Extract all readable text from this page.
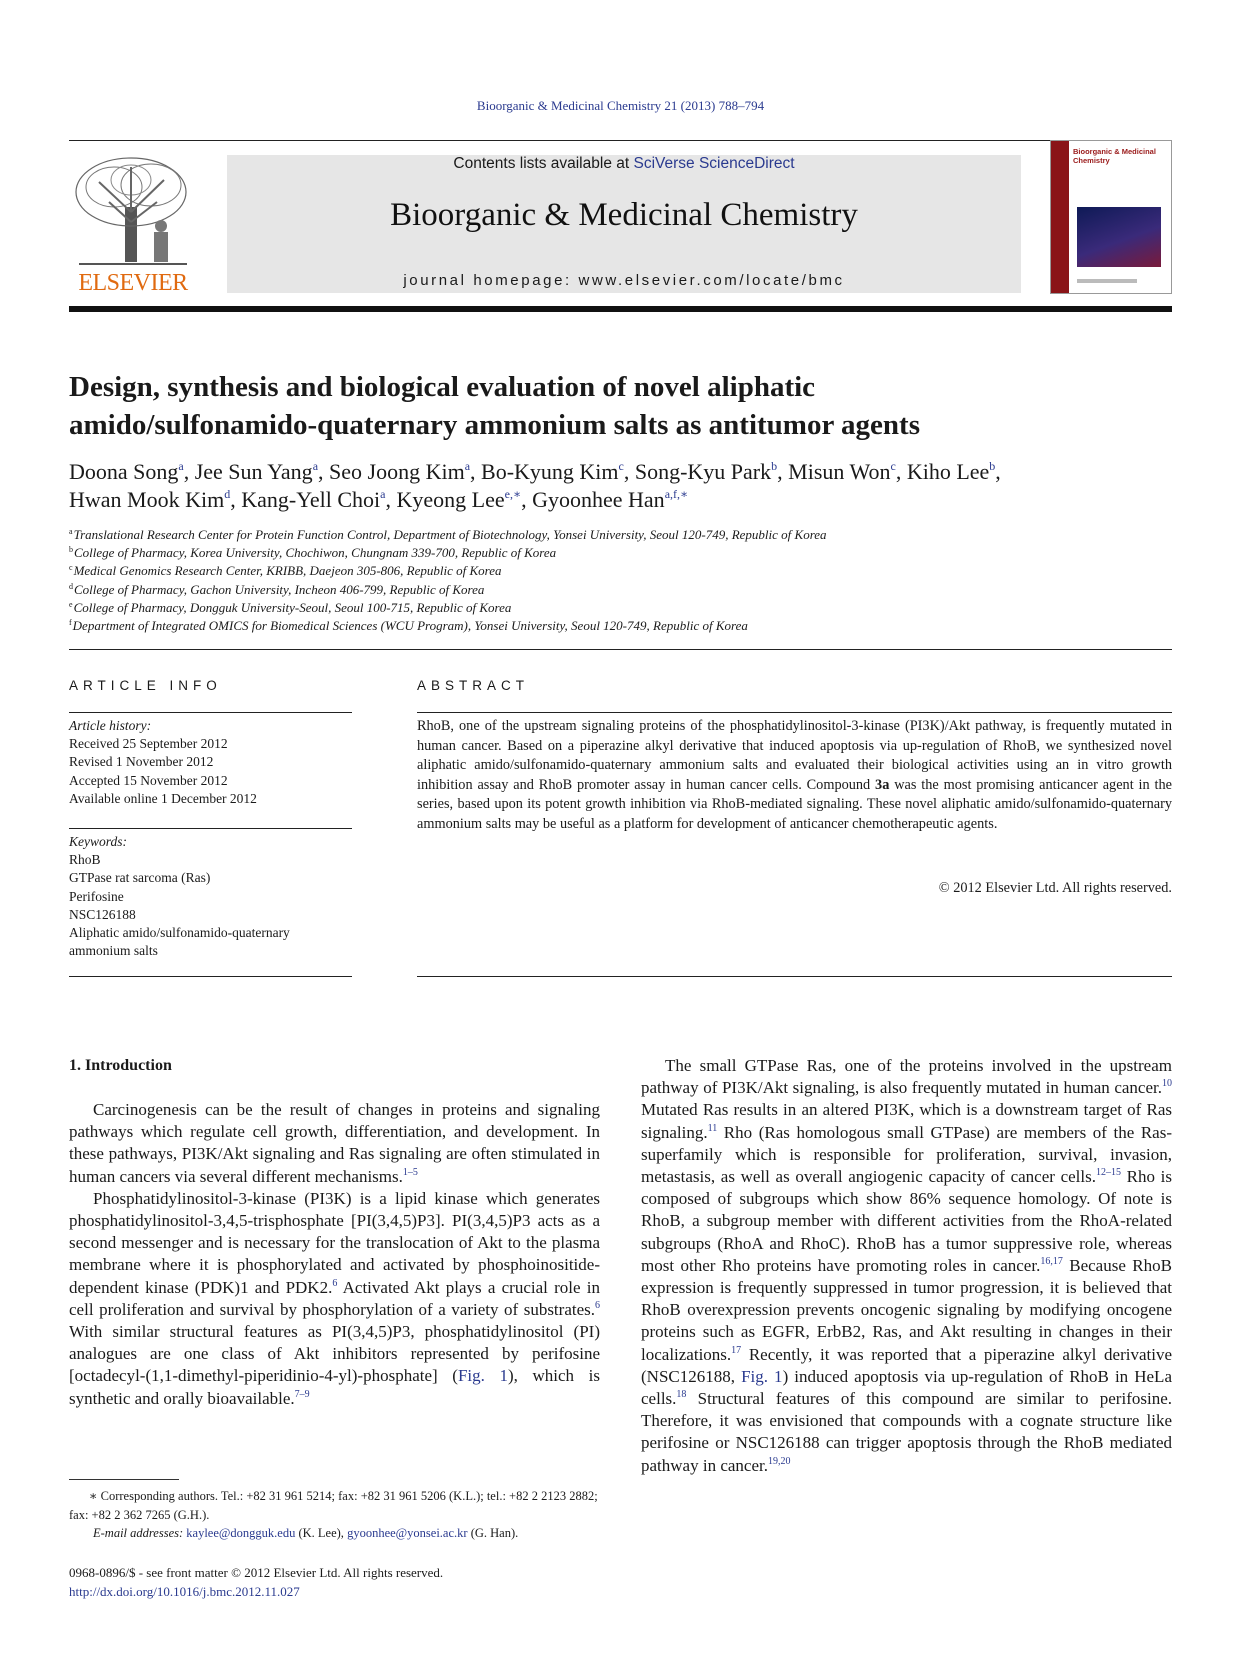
Bioorganic & Medicinal Chemistry 21 (2013) 788–794
ELSEVIER
Contents lists available at SciVerse ScienceDirect
Bioorganic & Medicinal Chemistry
journal homepage: www.elsevier.com/locate/bmc
Bioorganic & Medicinal Chemistry
Design, synthesis and biological evaluation of novel aliphatic
amido/sulfonamido-quaternary ammonium salts as antitumor agents
Doona Song$^a$, Jee Sun Yang$^a$, Seo Joong Kim$^a$, Bo-Kyung Kim$^c$, Song-Kyu Park$^b$, Misun Won$^c$, Kiho Lee$^b$,
Hwan Mook Kim$^d$, Kang-Yell Choi$^a$, Kyeong Lee$^{e,∗}$, Gyoonhee Han$^{a,f,∗}$
$^a$Translational Research Center for Protein Function Control, Department of Biotechnology, Yonsei University, Seoul 120-749, Republic of Korea
$^b$College of Pharmacy, Korea University, Chochiwon, Chungnam 339-700, Republic of Korea
$^c$Medical Genomics Research Center, KRIBB, Daejeon 305-806, Republic of Korea
$^d$College of Pharmacy, Gachon University, Incheon 406-799, Republic of Korea
$^e$College of Pharmacy, Dongguk University-Seoul, Seoul 100-715, Republic of Korea
$^f$Department of Integrated OMICS for Biomedical Sciences (WCU Program), Yonsei University, Seoul 120-749, Republic of Korea
ARTICLE INFO
Article history:
Received 25 September 2012
Revised 1 November 2012
Accepted 15 November 2012
Available online 1 December 2012
Keywords:
RhoB
GTPase rat sarcoma (Ras)
Perifosine
NSC126188
Aliphatic amido/sulfonamido-quaternary
ammonium salts
ABSTRACT
RhoB, one of the upstream signaling proteins of the phosphatidylinositol-3-kinase (PI3K)/Akt pathway, is frequently mutated in human cancer. Based on a piperazine alkyl derivative that induced apoptosis via up-regulation of RhoB, we synthesized novel aliphatic amido/sulfonamido-quaternary ammonium salts and evaluated their biological activities using an in vitro growth inhibition assay and RhoB promoter assay in human cancer cells. Compound 3a was the most promising anticancer agent in the series, based upon its potent growth inhibition via RhoB-mediated signaling. These novel aliphatic amido/sulfonamido-quaternary ammonium salts may be useful as a platform for development of anticancer chemotherapeutic agents.
© 2012 Elsevier Ltd. All rights reserved.
1. Introduction

Carcinogenesis can be the result of changes in proteins and signaling pathways which regulate cell growth, differentiation, and development. In these pathways, PI3K/Akt signaling and Ras signaling are often stimulated in human cancers via several different mechanisms.$^{1-5}$

Phosphatidylinositol-3-kinase (PI3K) is a lipid kinase which generates phosphatidylinositol-3,4,5-trisphosphate [PI(3,4,5)P3]. PI(3,4,5)P3 acts as a second messenger and is necessary for the translocation of Akt to the plasma membrane where it is phosphorylated and activated by phosphoinositide-dependent kinase (PDK)1 and PDK2.$^6$ Activated Akt plays a crucial role in cell proliferation and survival by phosphorylation of a variety of substrates.$^6$ With similar structural features as PI(3,4,5)P3, phosphatidylinositol (PI) analogues are one class of Akt inhibitors represented by perifosine [octadecyl-(1,1-dimethyl-piperidinio-4-yl)-phosphate] (Fig. 1), which is synthetic and orally bioavailable.$^{7-9}$

The small GTPase Ras, one of the proteins involved in the upstream pathway of PI3K/Akt signaling, is also frequently mutated in human cancer.$^{10}$ Mutated Ras results in an altered PI3K, which is a downstream target of Ras signaling.$^{11}$ Rho (Ras homologous small GTPase) are members of the Ras-superfamily which is responsible for proliferation, survival, invasion, metastasis, as well as overall angiogenic capacity of cancer cells.$^{12-15}$ Rho is composed of subgroups which show 86% sequence homology. Of note is RhoB, a subgroup member with different activities from the RhoA-related subgroups (RhoA and RhoC). RhoB has a tumor suppressive role, whereas most other Rho proteins have promoting roles in cancer.$^{16,17}$ Because RhoB expression is frequently suppressed in tumor progression, it is believed that RhoB overexpression prevents oncogenic signaling by modifying oncogene proteins such as EGFR, ErbB2, Ras, and Akt resulting in changes in their localizations.$^{17}$ Recently, it was reported that a piperazine alkyl derivative (NSC126188, Fig. 1) induced apoptosis via up-regulation of RhoB in HeLa cells.$^{18}$ Structural features of this compound are similar to perifosine. Therefore, it was envisioned that compounds with a cognate structure like perifosine or NSC126188 can trigger apoptosis through the RhoB mediated pathway in cancer.$^{19,20}$

∗ Corresponding authors. Tel.: +82 31 961 5214; fax: +82 31 961 5206 (K.L.); tel.: +82 2 2123 2882; fax: +82 2 362 7265 (G.H.).
E-mail addresses: kaylee@dongguk.edu (K. Lee), gyoonhee@yonsei.ac.kr (G. Han).
0968-0896/$ - see front matter © 2012 Elsevier Ltd. All rights reserved.
http://dx.doi.org/10.1016/j.bmc.2012.11.027
